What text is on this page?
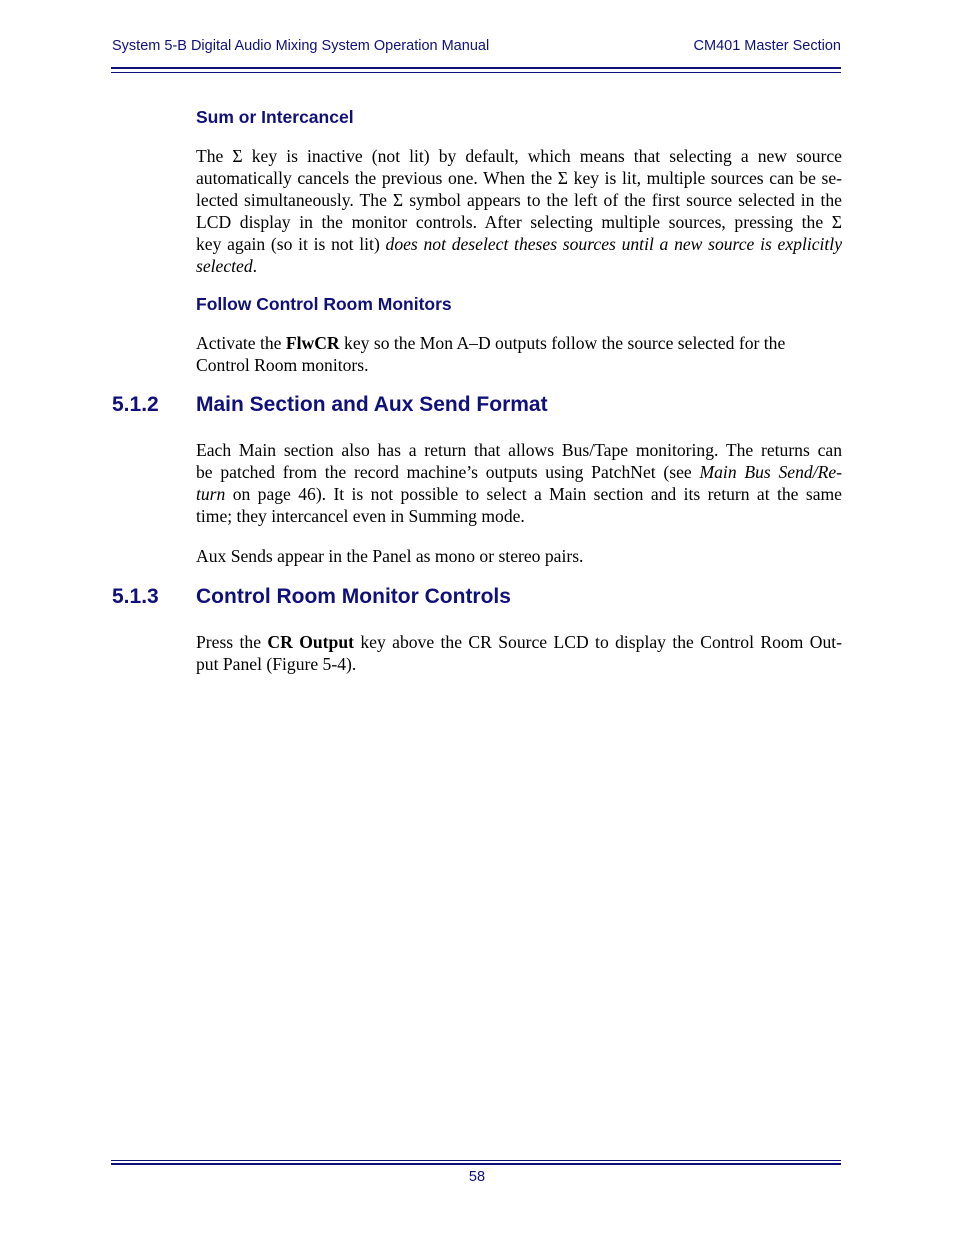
System 5-B Digital Audio Mixing System Operation Manual	CM401 Master Section
Sum or Intercancel
The Σ key is inactive (not lit) by default, which means that selecting a new source
automatically cancels the previous one. When the Σ key is lit, multiple sources can be se-
lected simultaneously. The Σ symbol appears to the left of the first source selected in the
LCD display in the monitor controls. After selecting multiple sources, pressing the Σ
key again (so it is not lit) does not deselect theses sources until a new source is explicitly
selected.
Follow Control Room Monitors
Activate the FlwCR key so the Mon A–D outputs follow the source selected for the
Control Room monitors.
5.1.2 Main Section and Aux Send Format
Each Main section also has a return that allows Bus/Tape monitoring. The returns can
be patched from the record machine’s outputs using PatchNet (see Main Bus Send/Re-
turn on page 46). It is not possible to select a Main section and its return at the same
time; they intercancel even in Summing mode.
Aux Sends appear in the Panel as mono or stereo pairs.
5.1.3 Control Room Monitor Controls
Press the CR Output key above the CR Source LCD to display the Control Room Out-
put Panel (Figure 5-4).
58
